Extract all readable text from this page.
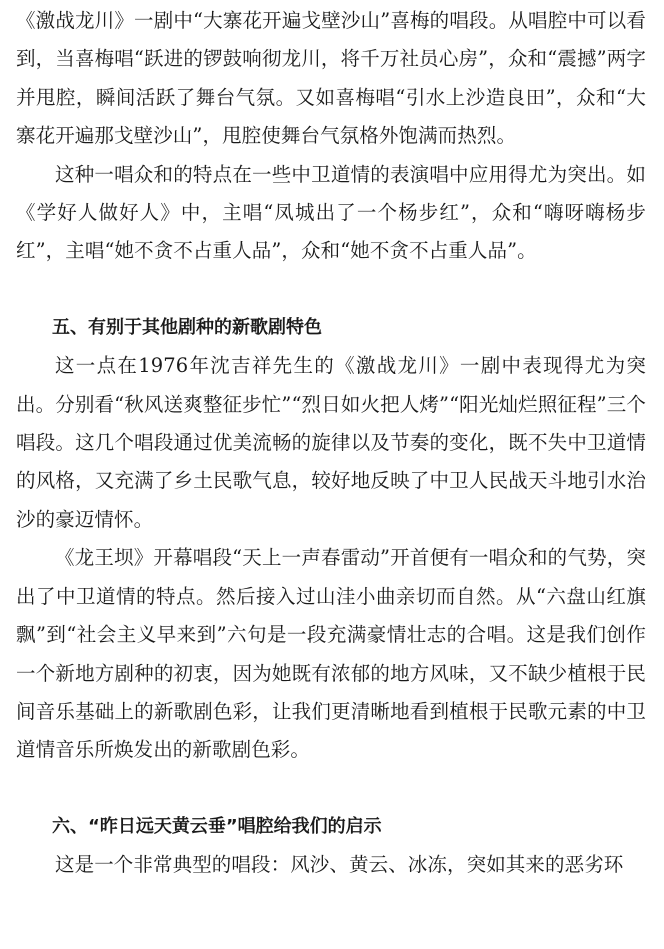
《激战龙川》一剧中“大寨花开遍戈壁沙山”喜梅的唱段。从唱腔中可以看到，当喜梅唱“跃进的锣鼓响彻龙川，将千万社员心房”，众和“震撼”两字并甩腔，瞬间活跃了舞台气氛。又如喜梅唱“引水上沙造良田”，众和“大寨花开遍那戈壁沙山”，甩腔使舞台气氛格外饱满而热烈。

这种一唱众和的特点在一些中卫道情的表演唱中应用得尤为突出。如《学好人做好人》中，主唱“凤城出了一个杨步红”，众和“嗨呀嗨杨步红”，主唱“她不贪不占重人品”，众和“她不贪不占重人品”。

五、有别于其他剧种的新歌剧特色

这一点在1976年沈吉祥先生的《激战龙川》一剧中表现得尤为突出。分别看“秋风送爽整征步忙”“烈日如火把人烤”“阳光灿烂照征程”三个唱段。这几个唱段通过优美流畅的旋律以及节奏的变化，既不失中卫道情的风格，又充满了乡土民歌气息，较好地反映了中卫人民战天斗地引水治沙的豪迈情怀。

《龙王坝》开幕唱段“天上一声春雷动”开首便有一唱众和的气势，突出了中卫道情的特点。然后接入过山洼小曲亲切而自然。从“六盘山红旗飘”到“社会主义早来到”六句是一段充满豪情壮志的合唱。这是我们创作一个新地方剧种的初衷，因为她既有浓郁的地方风味，又不缺少植根于民间音乐基础上的新歌剧色彩，让我们更清晰地看到植根于民歌元素的中卫道情音乐所焕发出的新歌剧色彩。

六、“昨日远天黄云垂”唱腔给我们的启示

这是一个非常典型的唱段：风沙、黄云、冰冻，突如其来的恶劣环
